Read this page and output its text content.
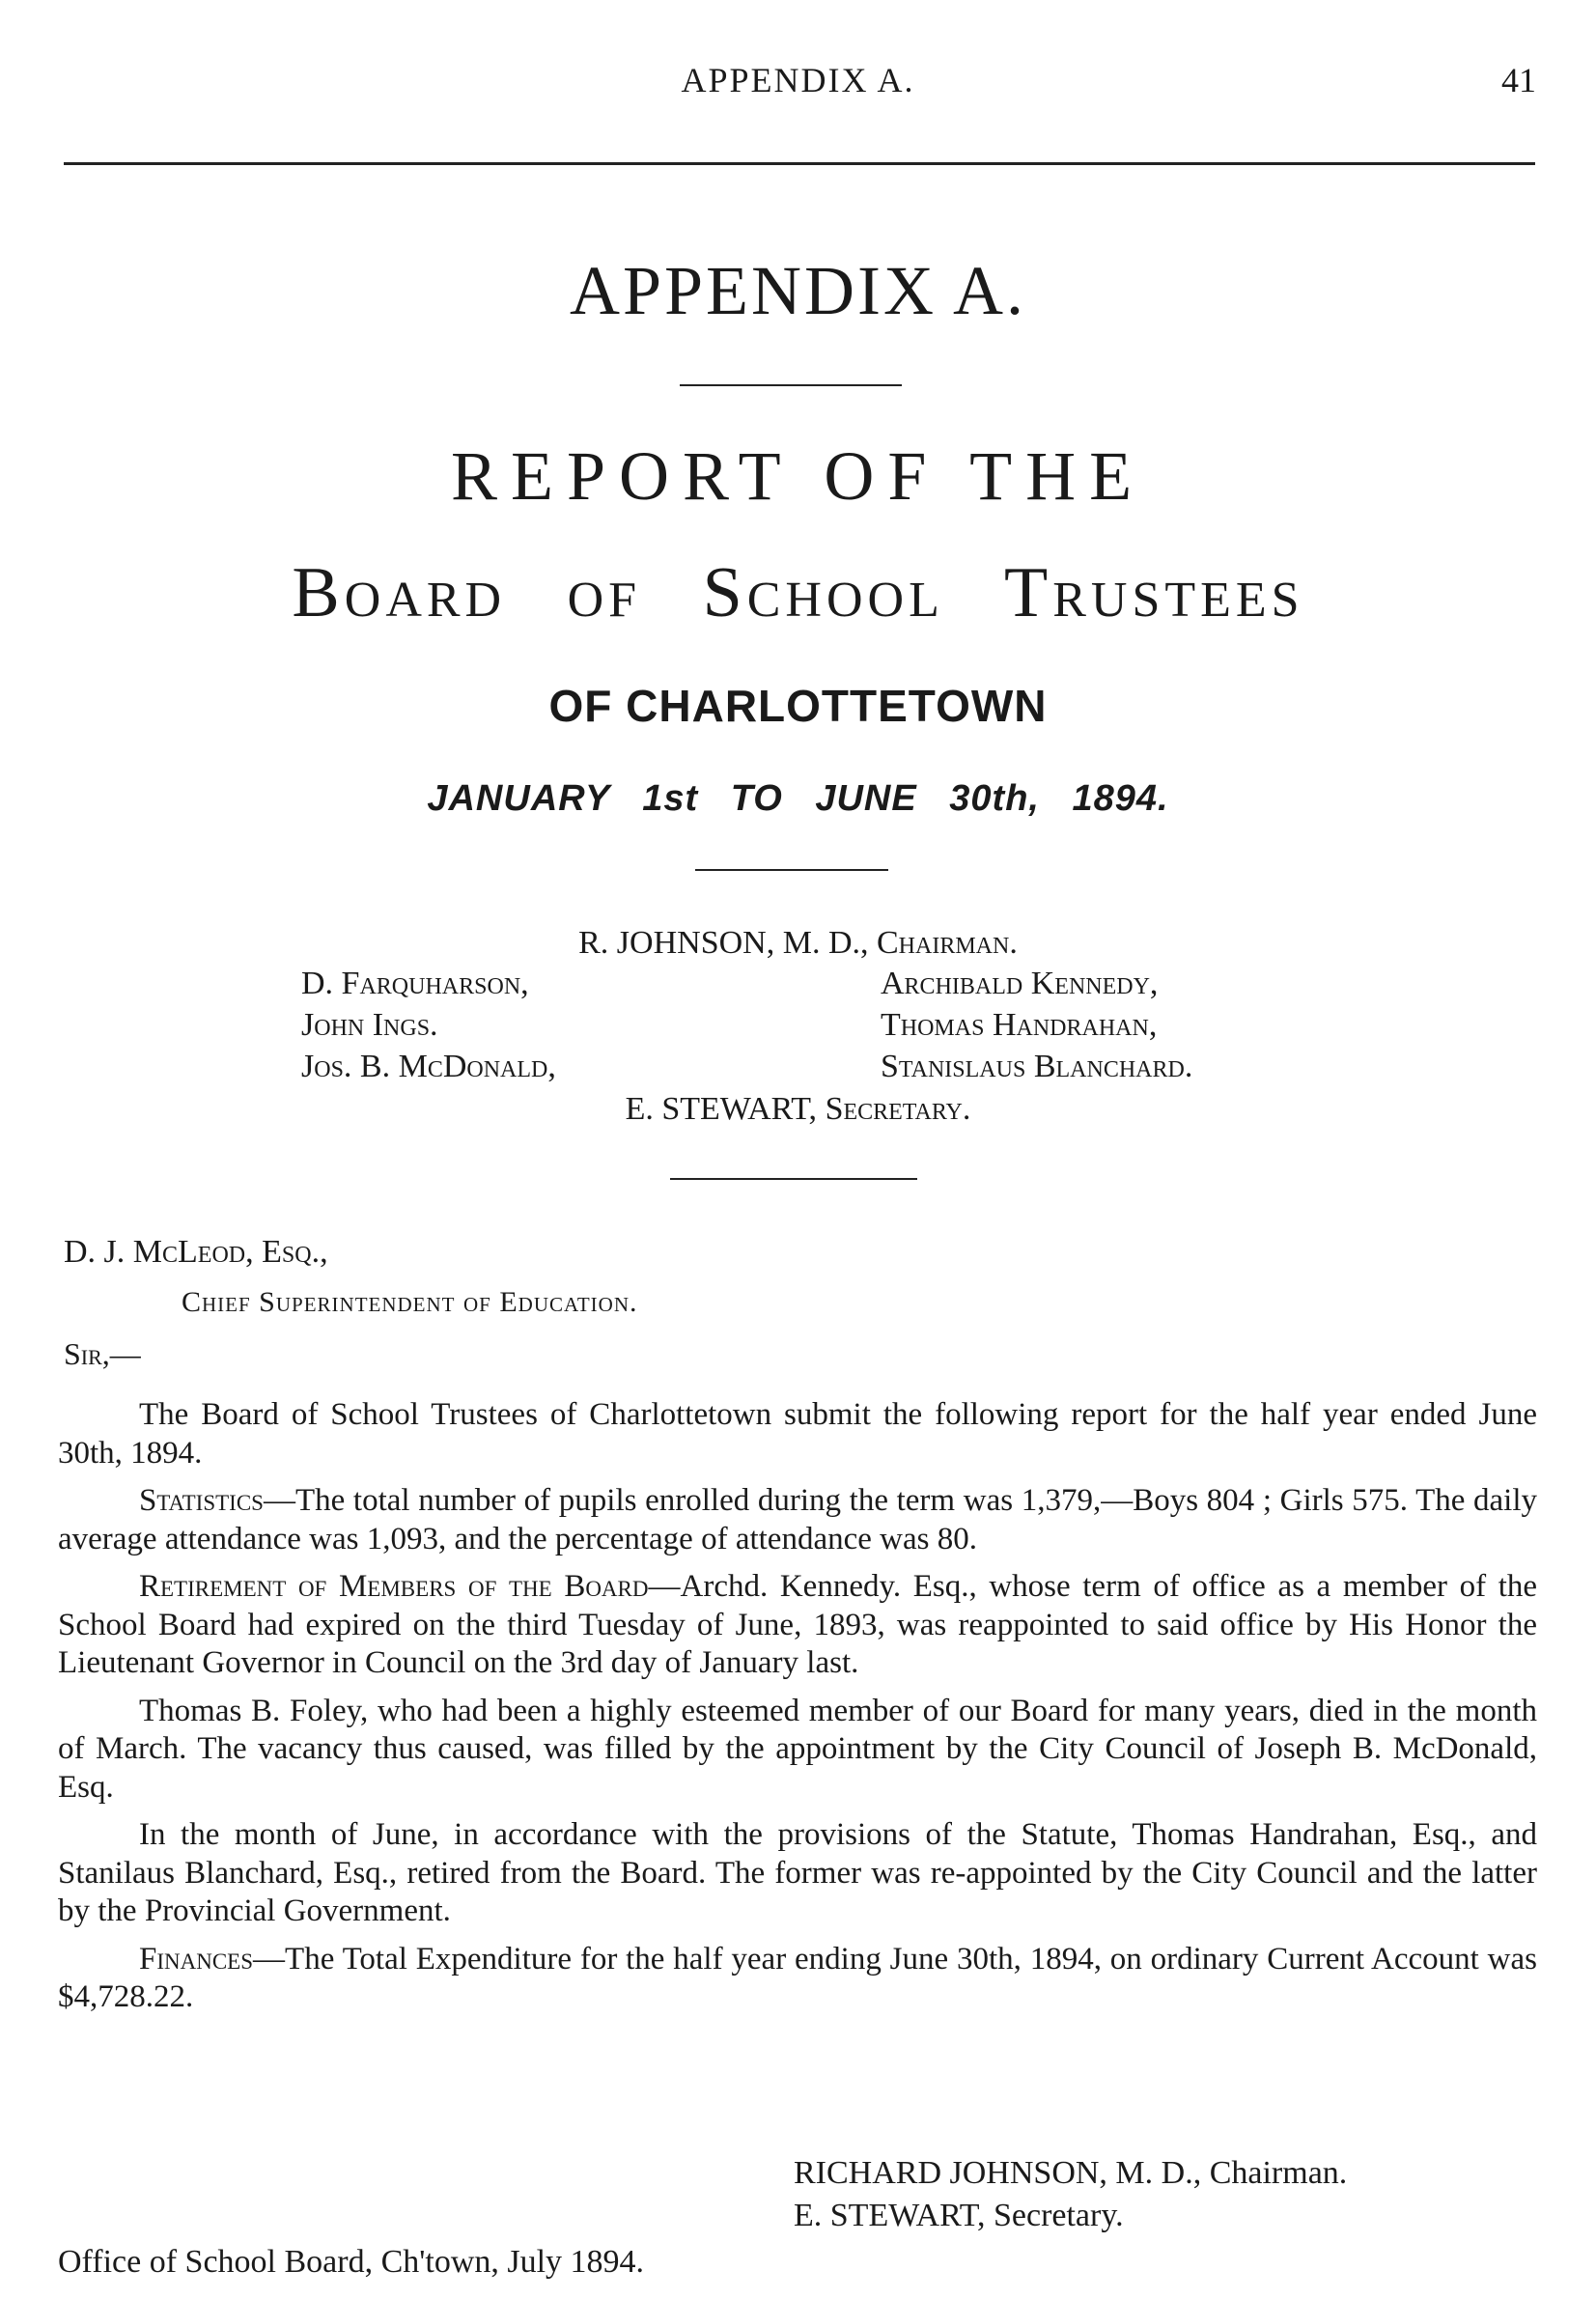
APPENDIX A.	41
APPENDIX A.
REPORT OF THE
Board of School Trustees
OF CHARLOTTETOWN
JANUARY 1st TO JUNE 30th, 1894.
R. JOHNSON, M. D., Chairman.
D. Farquharson,
John Ings.
Jos. B. McDonald,
Archibald Kennedy,
Thomas Handrahan,
Stanislaus Blanchard.
E. STEWART, Secretary.
D. J. McLeod, Esq.,
Chief Superintendent of Education.
Sir,—

The Board of School Trustees of Charlottetown submit the following report for the half year ended June 30th, 1894.

Statistics—The total number of pupils enrolled during the term was 1,379,—Boys 804 ; Girls 575. The daily average attendance was 1,093, and the percentage of attendance was 80.

Retirement of Members of the Board—Archd. Kennedy. Esq., whose term of office as a member of the School Board had expired on the third Tuesday of June, 1893, was reappointed to said office by His Honor the Lieutenant Governor in Council on the 3rd day of January last.

Thomas B. Foley, who had been a highly esteemed member of our Board for many years, died in the month of March. The vacancy thus caused, was filled by the appointment by the City Council of Joseph B. McDonald, Esq.

In the month of June, in accordance with the provisions of the Statute, Thomas Handrahan, Esq., and Stanilaus Blanchard, Esq., retired from the Board. The former was re-appointed by the City Council and the latter by the Provincial Government.

Finances—The Total Expenditure for the half year ending June 30th, 1894, on ordinary Current Account was $4,728.22.

RICHARD JOHNSON, M. D., Chairman.
E. STEWART, Secretary.
Office of School Board, Ch'town, July 1894.
